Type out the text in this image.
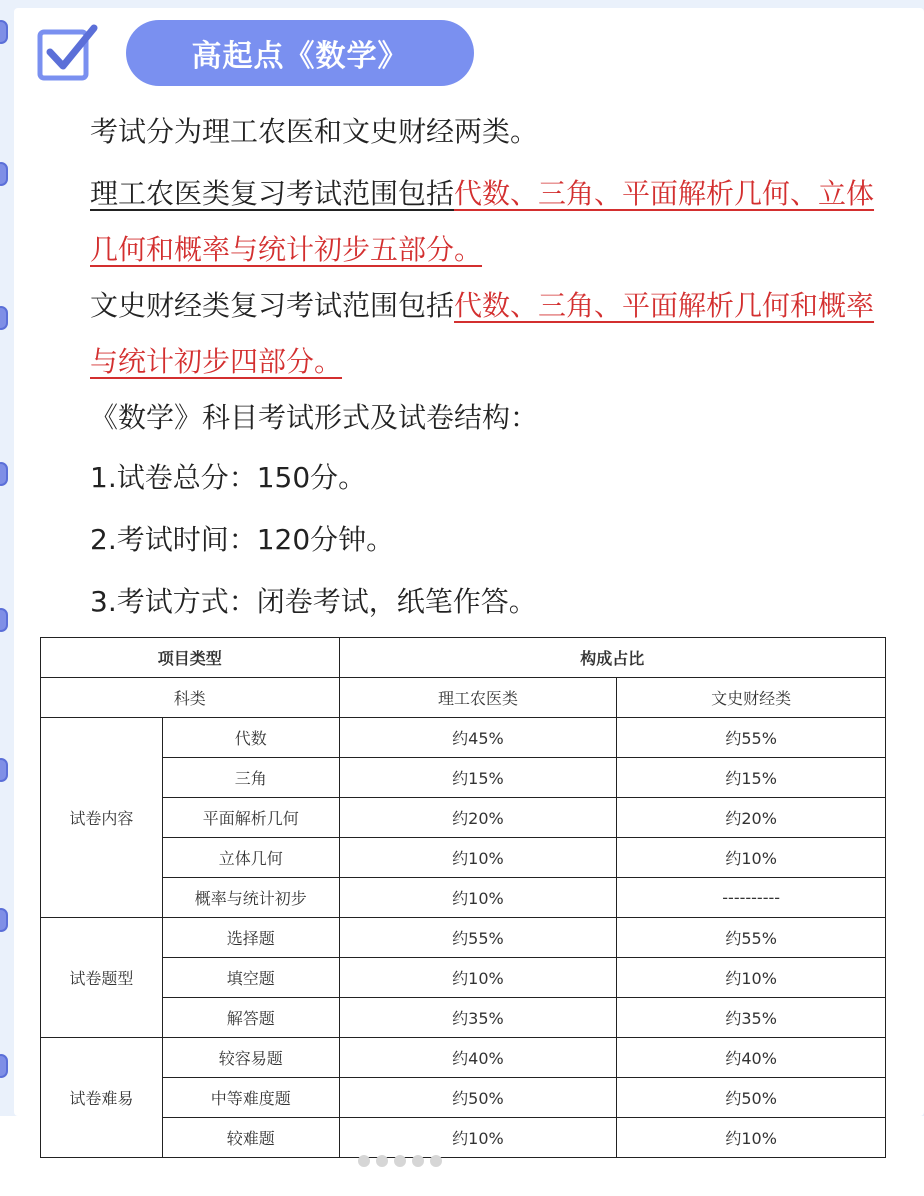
高起点《数学》
考试分为理工农医和文史财经两类。
理工农医类复习考试范围包括代数、三角、平面解析几何、立体几何和概率与统计初步五部分。
文史财经类复习考试范围包括代数、三角、平面解析几何和概率与统计初步四部分。
《数学》科目考试形式及试卷结构：
1.试卷总分：150分。
2.考试时间：120分钟。
3.考试方式：闭卷考试，纸笔作答。
项目类型		构成占比	
科类		理工农医类	文史财经类
试卷内容	代数	约45%	约55%
	三角	约15%	约15%
	平面解析几何	约20%	约20%
	立体几何	约10%	约10%
	概率与统计初步	约10%	----------
试卷题型	选择题	约55%	约55%
	填空题	约10%	约10%
	解答题	约35%	约35%
试卷难易	较容易题	约40%	约40%
	中等难度题	约50%	约50%
	较难题	约10%	约10%
